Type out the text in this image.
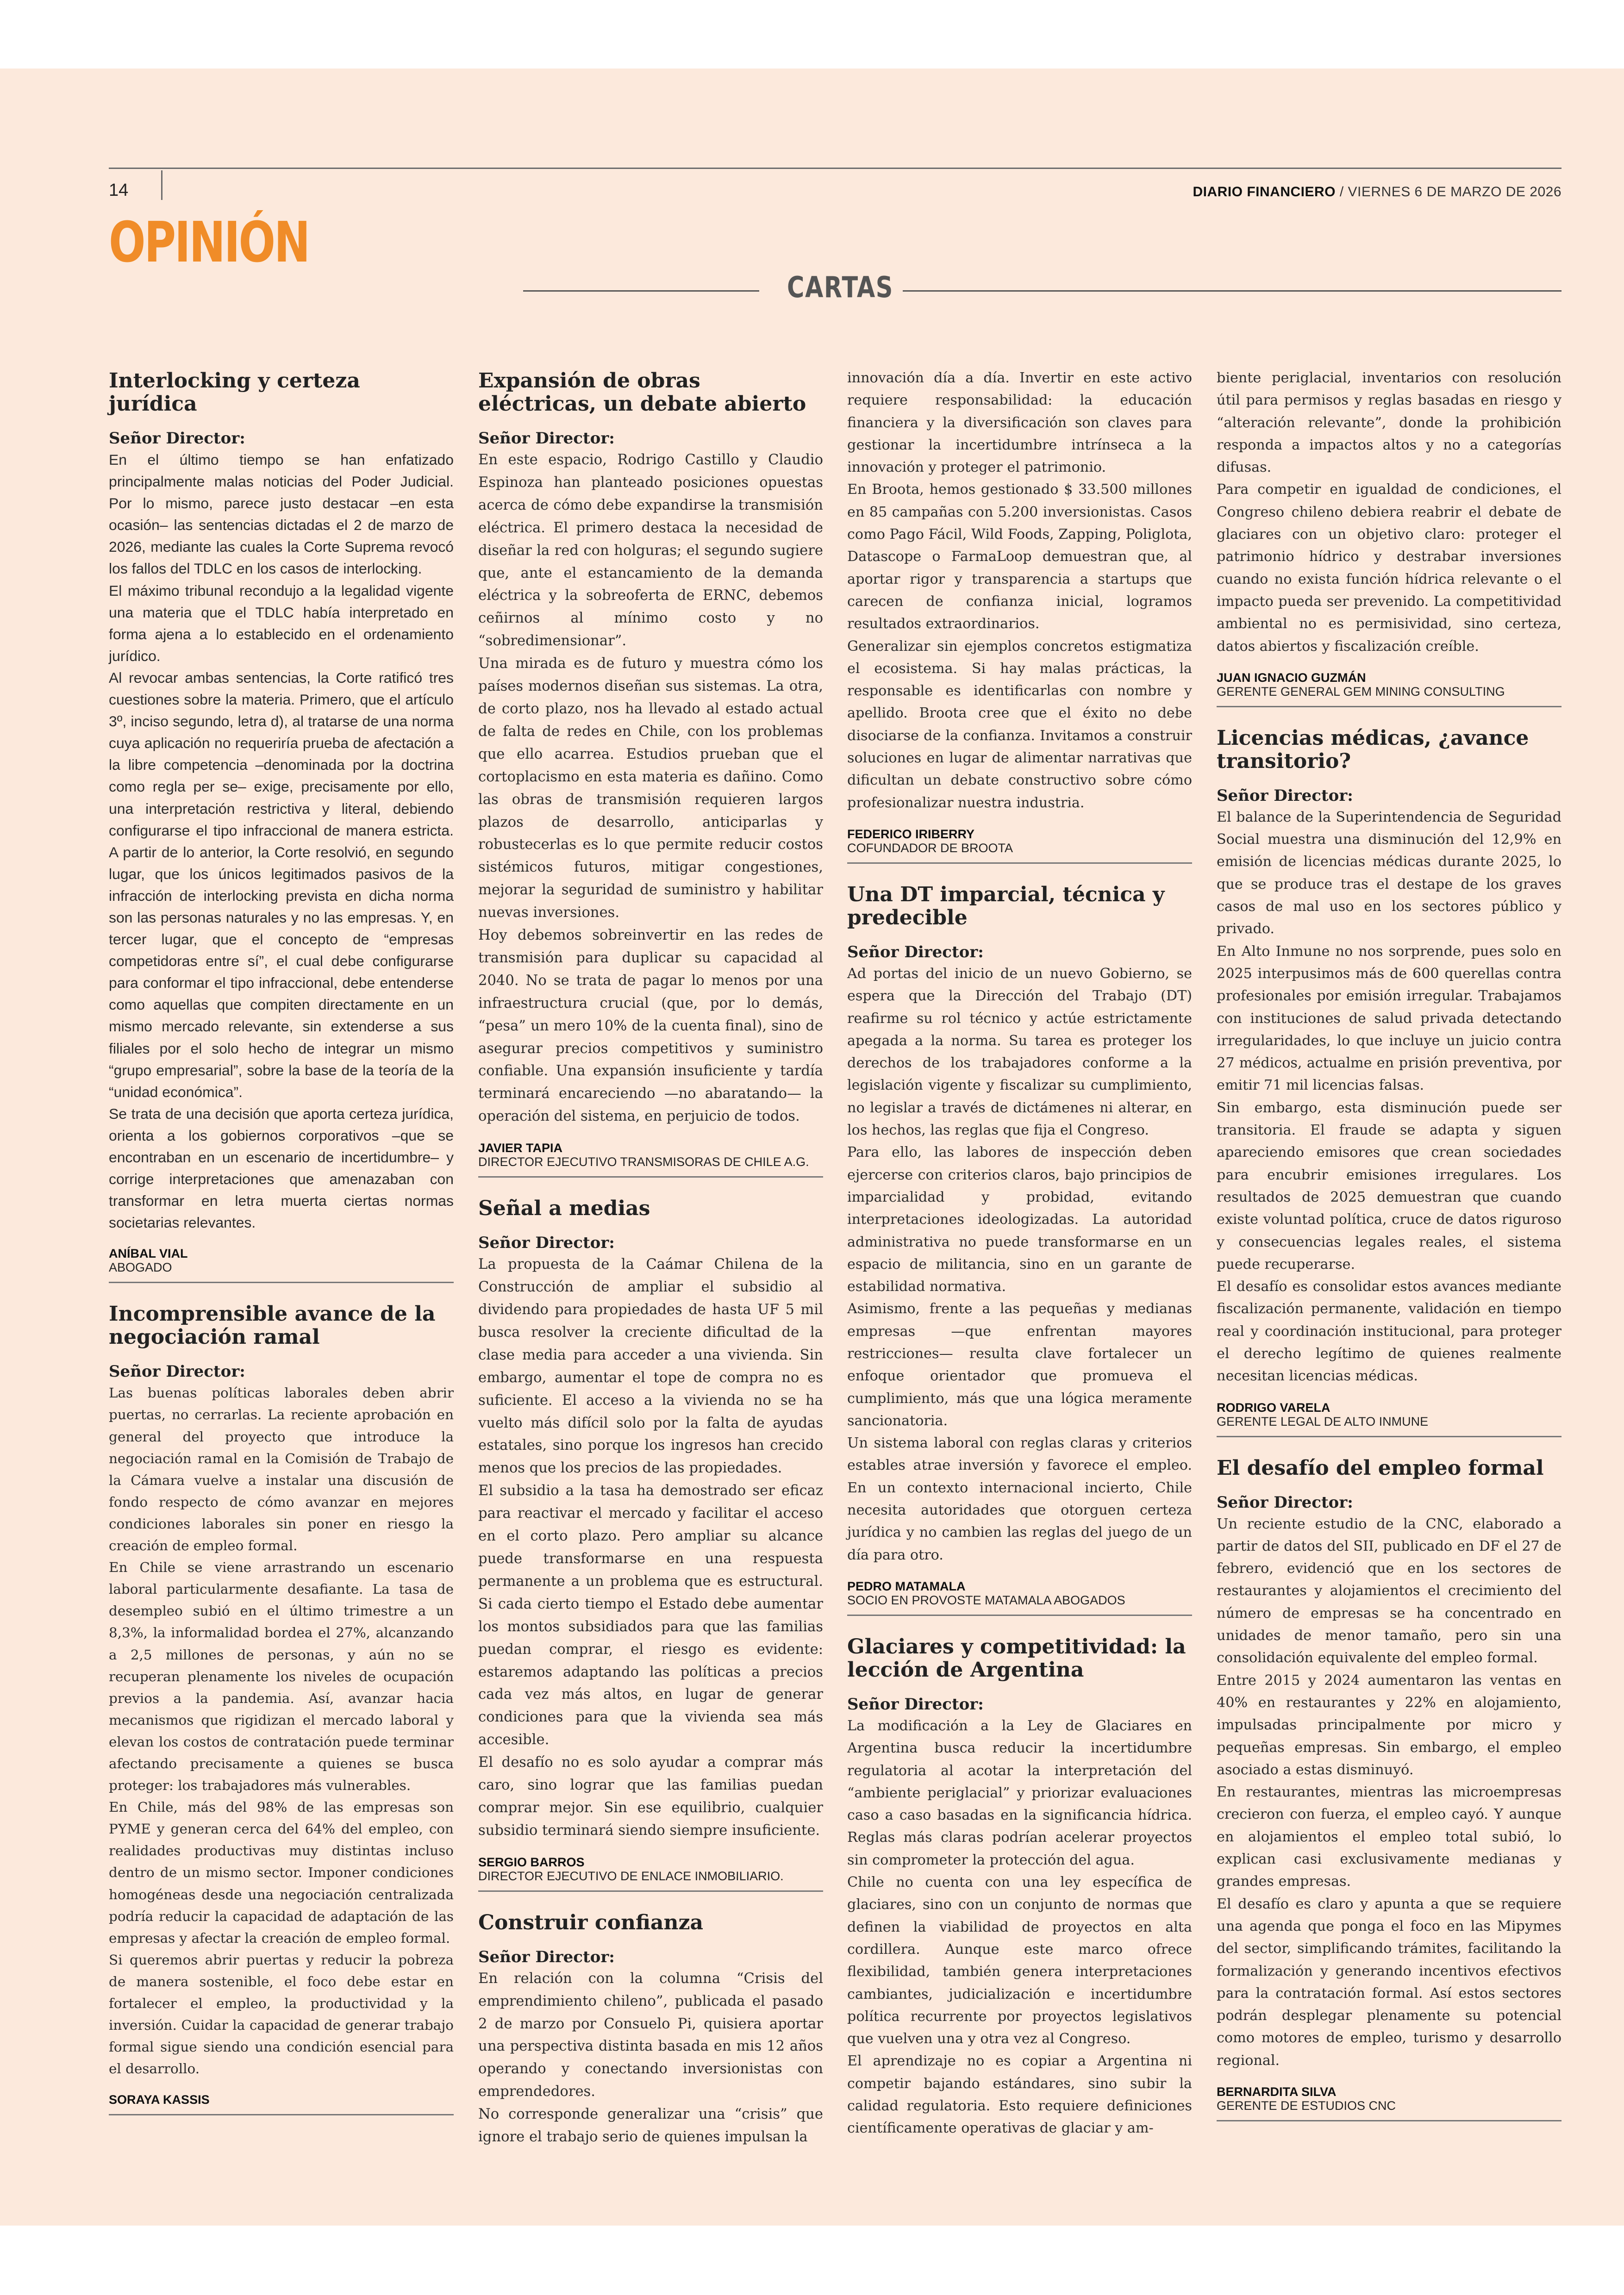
14	DIARIO FINANCIERO / VIERNES 6 DE MARZO DE 2026
OPINIÓN
CARTAS
Interlocking y certeza jurídica

Señor Director:

En el último tiempo se han enfatizado principalmente malas noticias del Poder Judicial. Por lo mismo, parece justo destacar –en esta ocasión– las sentencias dictadas el 2 de marzo de 2026, mediante las cuales la Corte Suprema revocó los fallos del TDLC en los casos de interlocking.
El máximo tribunal recondujo a la legalidad vigente una materia que el TDLC había interpretado en forma ajena a lo establecido en el ordenamiento jurídico.
Al revocar ambas sentencias, la Corte ratificó tres cuestiones sobre la materia. Primero, que el artículo 3º, inciso segundo, letra d), al tratarse de una norma cuya aplicación no requeriría prueba de afectación a la libre competencia –denominada por la doctrina como regla per se– exige, precisamente por ello, una interpretación restrictiva y literal, debiendo configurarse el tipo infraccional de manera estricta. A partir de lo anterior, la Corte resolvió, en segundo lugar, que los únicos legitimados pasivos de la infracción de interlocking prevista en dicha norma son las personas naturales y no las empresas. Y, en tercer lugar, que el concepto de “empresas competidoras entre sí”, el cual debe configurarse para conformar el tipo infraccional, debe entenderse como aquellas que compiten directamente en un mismo mercado relevante, sin extenderse a sus filiales por el solo hecho de integrar un mismo “grupo empresarial”, sobre la base de la teoría de la “unidad económica”.
Se trata de una decisión que aporta certeza jurídica, orienta a los gobiernos corporativos –que se encontraban en un escenario de incertidumbre– y corrige interpretaciones que amenazaban con transformar en letra muerta ciertas normas societarias relevantes.

ANÍBAL VIAL
ABOGADO
Incomprensible avance de la negociación ramal

Señor Director:

Las buenas políticas laborales deben abrir puertas, no cerrarlas. La reciente aprobación en general del proyecto que introduce la negociación ramal en la Comisión de Trabajo de la Cámara vuelve a instalar una discusión de fondo respecto de cómo avanzar en mejores condiciones laborales sin poner en riesgo la creación de empleo formal.
En Chile se viene arrastrando un escenario laboral particularmente desafiante. La tasa de desempleo subió en el último trimestre a un 8,3%, la informalidad bordea el 27%, alcanzando a 2,5 millones de personas, y aún no se recuperan plenamente los niveles de ocupación previos a la pandemia. Así, avanzar hacia mecanismos que rigidizan el mercado laboral y elevan los costos de contratación puede terminar afectando precisamente a quienes se busca proteger: los trabajadores más vulnerables.
En Chile, más del 98% de las empresas son PYME y generan cerca del 64% del empleo, con realidades productivas muy distintas incluso dentro de un mismo sector. Imponer condiciones homogéneas desde una negociación centralizada podría reducir la capacidad de adaptación de las empresas y afectar la creación de empleo formal.
Si queremos abrir puertas y reducir la pobreza de manera sostenible, el foco debe estar en fortalecer el empleo, la productividad y la inversión. Cuidar la capacidad de generar trabajo formal sigue siendo una condición esencial para el desarrollo.

SORAYA KASSIS
Expansión de obras eléctricas, un debate abierto

Señor Director:

En este espacio, Rodrigo Castillo y Claudio Espinoza han planteado posiciones opuestas acerca de cómo debe expandirse la transmisión eléctrica. El primero destaca la necesidad de diseñar la red con holguras; el segundo sugiere que, ante el estancamiento de la demanda eléctrica y la sobreoferta de ERNC, debemos ceñirnos al mínimo costo y no “sobredimensionar”.
Una mirada es de futuro y muestra cómo los países modernos diseñan sus sistemas. La otra, de corto plazo, nos ha llevado al estado actual de falta de redes en Chile, con los problemas que ello acarrea. Estudios prueban que el cortoplacismo en esta materia es dañino. Como las obras de transmisión requieren largos plazos de desarrollo, anticiparlas y robustecerlas es lo que permite reducir costos sistémicos futuros, mitigar congestiones, mejorar la seguridad de suministro y habilitar nuevas inversiones.
Hoy debemos sobreinvertir en las redes de transmisión para duplicar su capacidad al 2040. No se trata de pagar lo menos por una infraestructura crucial (que, por lo demás, “pesa” un mero 10% de la cuenta final), sino de asegurar precios competitivos y suministro confiable. Una expansión insuficiente y tardía terminará encareciendo —no abaratando— la operación del sistema, en perjuicio de todos.

JAVIER TAPIA
DIRECTOR EJECUTIVO TRANSMISORAS DE CHILE A.G.
Señal a medias

Señor Director:

La propuesta de la Caámar Chilena de la Construcción de ampliar el subsidio al dividendo para propiedades de hasta UF 5 mil busca resolver la creciente dificultad de la clase media para acceder a una vivienda. Sin embargo, aumentar el tope de compra no es suficiente. El acceso a la vivienda no se ha vuelto más difícil solo por la falta de ayudas estatales, sino porque los ingresos han crecido menos que los precios de las propiedades.
El subsidio a la tasa ha demostrado ser eficaz para reactivar el mercado y facilitar el acceso en el corto plazo. Pero ampliar su alcance puede transformarse en una respuesta permanente a un problema que es estructural. Si cada cierto tiempo el Estado debe aumentar los montos subsidiados para que las familias puedan comprar, el riesgo es evidente: estaremos adaptando las políticas a precios cada vez más altos, en lugar de generar condiciones para que la vivienda sea más accesible.
El desafío no es solo ayudar a comprar más caro, sino lograr que las familias puedan comprar mejor. Sin ese equilibrio, cualquier subsidio terminará siendo siempre insuficiente.

SERGIO BARROS
DIRECTOR EJECUTIVO DE ENLACE INMOBILIARIO.
Construir confianza

Señor Director:

En relación con la columna “Crisis del emprendimiento chileno”, publicada el pasado 2 de marzo por Consuelo Pi, quisiera aportar una perspectiva distinta basada en mis 12 años operando y conectando inversionistas con emprendedores.
No corresponde generalizar una “crisis” que ignore el trabajo serio de quienes impulsan la

innovación día a día. Invertir en este activo requiere responsabilidad: la educación financiera y la diversificación son claves para gestionar la incertidumbre intrínseca a la innovación y proteger el patrimonio.
En Broota, hemos gestionado $ 33.500 millones en 85 campañas con 5.200 inversionistas. Casos como Pago Fácil, Wild Foods, Zapping, Poliglota, Datascope o FarmaLoop demuestran que, al aportar rigor y transparencia a startups que carecen de confianza inicial, logramos resultados extraordinarios.
Generalizar sin ejemplos concretos estigmatiza el ecosistema. Si hay malas prácticas, la responsable es identificarlas con nombre y apellido. Broota cree que el éxito no debe disociarse de la confianza. Invitamos a construir soluciones en lugar de alimentar narrativas que dificultan un debate constructivo sobre cómo profesionalizar nuestra industria.

FEDERICO IRIBERRY
COFUNDADOR DE BROOTA
Una DT imparcial, técnica y predecible

Señor Director:

Ad portas del inicio de un nuevo Gobierno, se espera que la Dirección del Trabajo (DT) reafirme su rol técnico y actúe estrictamente apegada a la norma. Su tarea es proteger los derechos de los trabajadores conforme a la legislación vigente y fiscalizar su cumplimiento, no legislar a través de dictámenes ni alterar, en los hechos, las reglas que fija el Congreso.
Para ello, las labores de inspección deben ejercerse con criterios claros, bajo principios de imparcialidad y probidad, evitando interpretaciones ideologizadas. La autoridad administrativa no puede transformarse en un espacio de militancia, sino en un garante de estabilidad normativa.
Asimismo, frente a las pequeñas y medianas empresas —que enfrentan mayores restricciones— resulta clave fortalecer un enfoque orientador que promueva el cumplimiento, más que una lógica meramente sancionatoria.
Un sistema laboral con reglas claras y criterios estables atrae inversión y favorece el empleo. En un contexto internacional incierto, Chile necesita autoridades que otorguen certeza jurídica y no cambien las reglas del juego de un día para otro.

PEDRO MATAMALA
SOCIO EN PROVOSTE MATAMALA ABOGADOS
Glaciares y competitividad: la lección de Argentina

Señor Director:

La modificación a la Ley de Glaciares en Argentina busca reducir la incertidumbre regulatoria al acotar la interpretación del “ambiente periglacial” y priorizar evaluaciones caso a caso basadas en la significancia hídrica. Reglas más claras podrían acelerar proyectos sin comprometer la protección del agua.
Chile no cuenta con una ley específica de glaciares, sino con un conjunto de normas que definen la viabilidad de proyectos en alta cordillera. Aunque este marco ofrece flexibilidad, también genera interpretaciones cambiantes, judicialización e incertidumbre política recurrente por proyectos legislativos que vuelven una y otra vez al Congreso.
El aprendizaje no es copiar a Argentina ni competir bajando estándares, sino subir la calidad regulatoria. Esto requiere definiciones científicamente operativas de glaciar y am-

biente periglacial, inventarios con resolución útil para permisos y reglas basadas en riesgo y “alteración relevante”, donde la prohibición responda a impactos altos y no a categorías difusas.
Para competir en igualdad de condiciones, el Congreso chileno debiera reabrir el debate de glaciares con un objetivo claro: proteger el patrimonio hídrico y destrabar inversiones cuando no exista función hídrica relevante o el impacto pueda ser prevenido. La competitividad ambiental no es permisividad, sino certeza, datos abiertos y fiscalización creíble.

JUAN IGNACIO GUZMÁN
GERENTE GENERAL GEM MINING CONSULTING
Licencias médicas, ¿avance transitorio?

Señor Director:

El balance de la Superintendencia de Seguridad Social muestra una disminución del 12,9% en emisión de licencias médicas durante 2025, lo que se produce tras el destape de los graves casos de mal uso en los sectores público y privado.
En Alto Inmune no nos sorprende, pues solo en 2025 interpusimos más de 600 querellas contra profesionales por emisión irregular. Trabajamos con instituciones de salud privada detectando irregularidades, lo que incluye un juicio contra 27 médicos, actualme en prisión preventiva, por emitir 71 mil licencias falsas.
Sin embargo, esta disminución puede ser transitoria. El fraude se adapta y siguen apareciendo emisores que crean sociedades para encubrir emisiones irregulares. Los resultados de 2025 demuestran que cuando existe voluntad política, cruce de datos riguroso y consecuencias legales reales, el sistema puede recuperarse.
El desafío es consolidar estos avances mediante fiscalización permanente, validación en tiempo real y coordinación institucional, para proteger el derecho legítimo de quienes realmente necesitan licencias médicas.

RODRIGO VARELA
GERENTE LEGAL DE ALTO INMUNE
El desafío del empleo formal

Señor Director:

Un reciente estudio de la CNC, elaborado a partir de datos del SII, publicado en DF el 27 de febrero, evidenció que en los sectores de restaurantes y alojamientos el crecimiento del número de empresas se ha concentrado en unidades de menor tamaño, pero sin una consolidación equivalente del empleo formal.
Entre 2015 y 2024 aumentaron las ventas en 40% en restaurantes y 22% en alojamiento, impulsadas principalmente por micro y pequeñas empresas. Sin embargo, el empleo asociado a estas disminuyó.
En restaurantes, mientras las microempresas crecieron con fuerza, el empleo cayó. Y aunque en alojamientos el empleo total subió, lo explican casi exclusivamente medianas y grandes empresas.
El desafío es claro y apunta a que se requiere una agenda que ponga el foco en las Mipymes del sector, simplificando trámites, facilitando la formalización y generando incentivos efectivos para la contratación formal. Así estos sectores podrán desplegar plenamente su potencial como motores de empleo, turismo y desarrollo regional.

BERNARDITA SILVA
GERENTE DE ESTUDIOS CNC
